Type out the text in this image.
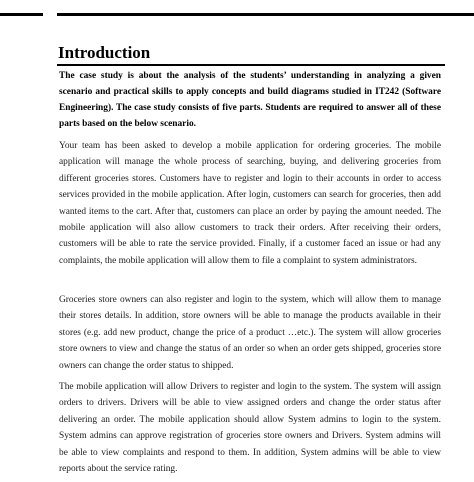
Introduction

The case study is about the analysis of the students’ understanding in analyzing a given scenario and practical skills to apply concepts and build diagrams studied in IT242 (Software Engineering). The case study consists of five parts. Students are required to answer all of these parts based on the below scenario.

Your team has been asked to develop a mobile application for ordering groceries. The mobile application will manage the whole process of searching, buying, and delivering groceries from different groceries stores. Customers have to register and login to their accounts in order to access services provided in the mobile application. After login, customers can search for groceries, then add wanted items to the cart. After that, customers can place an order by paying the amount needed. The mobile application will also allow customers to track their orders. After receiving their orders, customers will be able to rate the service provided. Finally, if a customer faced an issue or had any complaints, the mobile application will allow them to file a complaint to system administrators.

Groceries store owners can also register and login to the system, which will allow them to manage their stores details. In addition, store owners will be able to manage the products available in their stores (e.g. add new product, change the price of a product …etc.). The system will allow groceries store owners to view and change the status of an order so when an order gets shipped, groceries store owners can change the order status to shipped.

The mobile application will allow Drivers to register and login to the system. The system will assign orders to drivers. Drivers will be able to view assigned orders and change the order status after delivering an order. The mobile application should allow System admins to login to the system. System admins can approve registration of groceries store owners and Drivers. System admins will be able to view complaints and respond to them. In addition, System admins will be able to view reports about the service rating.
